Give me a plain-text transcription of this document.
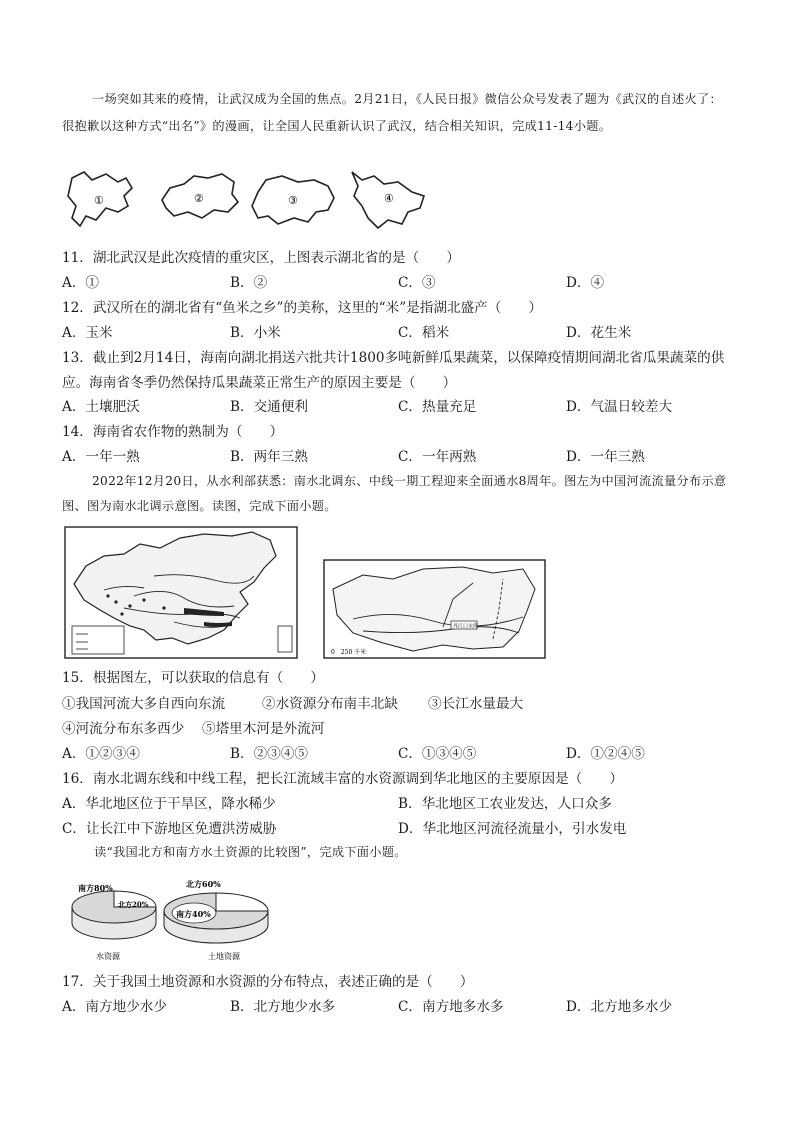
一场突如其来的疫情，让武汉成为全国的焦点。2月21日，《人民日报》微信公众号发表了题为《武汉的自述火了：很抱歉以这种方式“出名”》的漫画，让全国人民重新认识了武汉，结合相关知识，完成11-14小题。
①	②	③	④
11．湖北武汉是此次疫情的重灾区，上图表示湖北省的是（　　）
A．①	B．②	C．③	D．④
12．武汉所在的湖北省有“鱼米之乡”的美称，这里的“米”是指湖北盛产（　　）
A．玉米	B．小米	C．稻米	D．花生米
13．截止到2月14日，海南向湖北捐送六批共计1800多吨新鲜瓜果蔬菜，以保障疫情期间湖北省瓜果蔬菜的供应。海南省冬季仍然保持瓜果蔬菜正常生产的原因主要是（　　）
A．土壤肥沃	B．交通便利	C．热量充足	D．气温日较差大
14．海南省农作物的熟制为（　　）
A．一年一熟	B．两年三熟	C．一年两熟	D．一年三熟
2022年12月20日，从水利部获悉：南水北调东、中线一期工程迎来全面通水8周年。图左为中国河流流量分布示意图、图为南水北调示意图。读图，完成下面小题。
丹江口水库
0　250 千米
15．根据图左，可以获取的信息有（　　）
①我国河流大多自西向东流	②水资源分布南丰北缺 ③长江水量最大
④河流分布东多西少 ⑤塔里木河是外流河
A．①②③④	B．②③④⑤	C．①③④⑤	D．①②④⑤
16．南水北调东线和中线工程，把长江流域丰富的水资源调到华北地区的主要原因是（　　）
A．华北地区位于干旱区，降水稀少	B．华北地区工农业发达，人口众多
C．让长江中下游地区免遭洪涝威胁	D．华北地区河流径流量小，引水发电
读“我国北方和南方水土资源的比较图”，完成下面小题。
南方80%
北方20%
水资源
北方60%
南方40%
土地资源
17．关于我国土地资源和水资源的分布特点，表述正确的是（　　）
A．南方地少水少	B．北方地少水多	C．南方地多水多	D．北方地多水少
